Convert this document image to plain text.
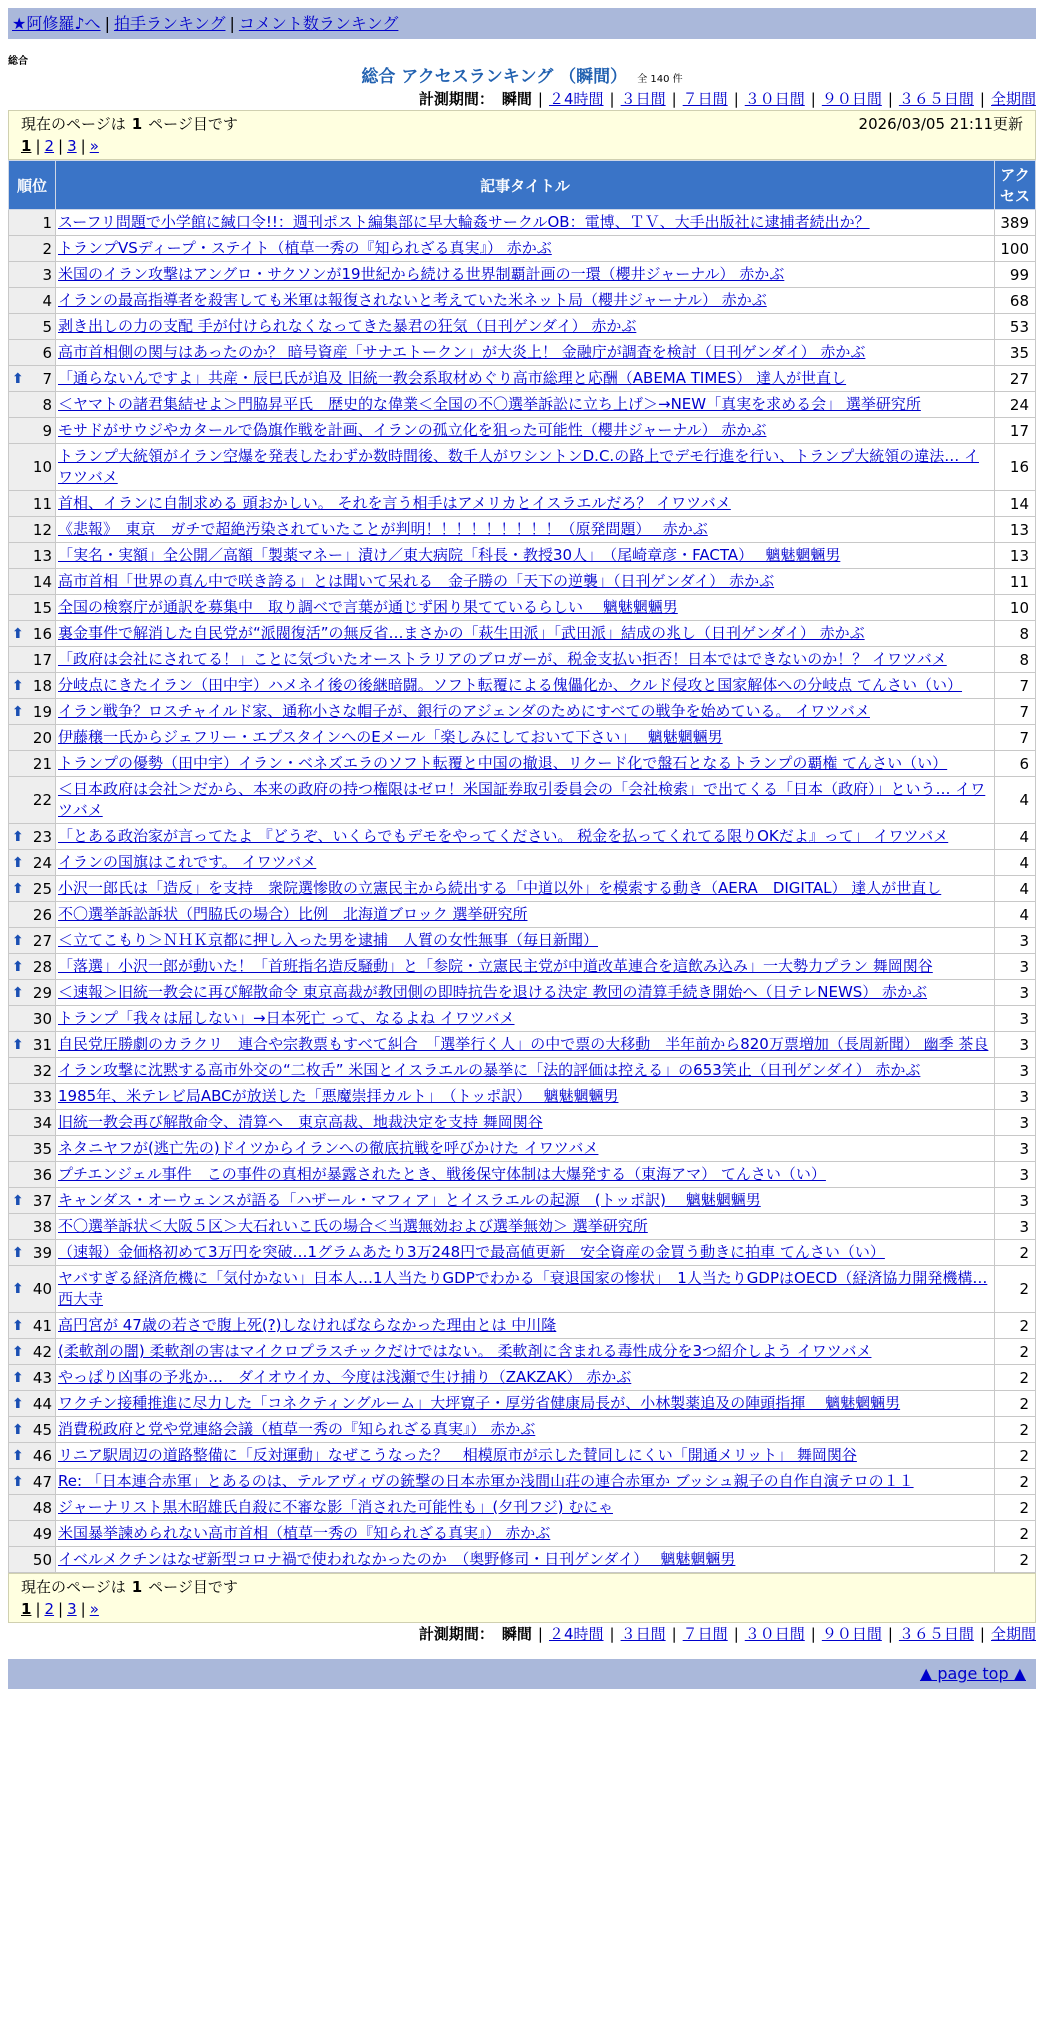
★阿修羅♪へ | 拍手ランキング | コメント数ランキング
総合
総合 アクセスランキング （瞬間） 全 140 件
計測期間： 瞬間 | ２4時間 | ３日間 | ７日間 | ３０日間 | ９０日間 | ３６５日間 | 全期間
現在のページは 1 ページ目です	2026/03/05 21:11更新
1 | 2 | 3 | »
順位	記事タイトル	アクセス
1	スーフリ問題で小学館に緘口令!!：週刊ポスト編集部に早大輪姦サークルOB：電博、ＴＶ、大手出版社に逮捕者続出か？	389
2	トランプVSディープ・ステイト（植草一秀の『知られざる真実』） 赤かぶ	100
3	米国のイラン攻撃はアングロ・サクソンが19世紀から続ける世界制覇計画の一環（櫻井ジャーナル） 赤かぶ	99
4	イランの最高指導者を殺害しても米軍は報復されないと考えていた米ネット局（櫻井ジャーナル） 赤かぶ	68
5	剥き出しの力の支配 手が付けられなくなってきた暴君の狂気（日刊ゲンダイ） 赤かぶ	53
6	高市首相側の関与はあったのか？ 暗号資産「サナエトークン」が大炎上！ 金融庁が調査を検討（日刊ゲンダイ） 赤かぶ	35

⬆ 7	「通らないんですよ」共産・辰巳氏が追及 旧統一教会系取材めぐり高市総理と応酬（ABEMA TIMES） 達人が世直し	27
8	＜ヤマトの諸君集結せよ＞門脇昇平氏　歴史的な偉業＜全国の不〇選挙訴訟に立ち上げ＞→NEW「真実を求める会」 選挙研究所	24
9	モサドがサウジやカタールで偽旗作戦を計画、イランの孤立化を狙った可能性（櫻井ジャーナル） 赤かぶ	17
10	トランプ大統領がイラン空爆を発表したわずか数時間後、数千人がワシントンD.C.の路上でデモ行進を行い、トランプ大統領の違法… イワツバメ	16
11	首相、イランに自制求める 頭おかしい。 それを言う相手はアメリカとイスラエルだろ？ イワツバメ	14
12	《悲報》　東京　ガチで超絶汚染されていたことが判明！！！！！！！！！（原発問題）　 赤かぶ	13
13	「実名・実額」全公開／高額「製薬マネー」漬け／東大病院「科長・教授30人」　（尾崎章彦・FACTA）　 魑魅魍魎男	13
14	高市首相「世界の真ん中で咲き誇る」とは聞いて呆れる　金子勝の「天下の逆襲」（日刊ゲンダイ） 赤かぶ	11
15	全国の検察庁が通訳を募集中　取り調べで言葉が通じず困り果てているらしい　 魑魅魍魎男	10

⬆ 16	裏金事件で解消した自民党が“派閥復活”の無反省…まさかの「萩生田派」「武田派」結成の兆し（日刊ゲンダイ） 赤かぶ	8
17	「政府は会社にされてる！」ことに気づいたオーストラリアのブロガーが、税金支払い拒否！日本ではできないのか！？ イワツバメ	8

⬆ 18	分岐点にきたイラン（田中宇）ハメネイ後の後継暗闘。ソフト転覆による傀儡化か、クルド侵攻と国家解体への分岐点 てんさい（い）	7

⬆ 19	イラン戦争？ロスチャイルド家、通称小さな帽子が、銀行のアジェンダのためにすべての戦争を始めている。 イワツバメ	7
20	伊藤穣一氏からジェフリー・エプスタインへのEメール「楽しみにしておいて下さい」　 魑魅魍魎男	7
21	トランプの優勢（田中宇）イラン・ベネズエラのソフト転覆と中国の撤退、リクード化で盤石となるトランプの覇権 てんさい（い）	6
22	＜日本政府は会社＞だから、本来の政府の持つ権限はゼロ！米国証券取引委員会の「会社検索」で出てくる「日本（政府）」という… イワツバメ	4

⬆ 23	「とある政治家が言ってたよ 『どうぞ、いくらでもデモをやってください。 税金を払ってくれてる限りOKだよ』って」 イワツバメ	4

⬆ 24	イランの国旗はこれです。 イワツバメ	4

⬆ 25	小沢一郎氏は「造反」を支持　衆院選惨敗の立憲民主から続出する「中道以外」を模索する動き（AERA　DIGITAL） 達人が世直し	4
26	不〇選挙訴訟訴状（門脇氏の場合）比例　北海道ブロック 選挙研究所	4

⬆ 27	＜立てこもり＞ＮＨＫ京都に押し入った男を逮捕　人質の女性無事（毎日新聞）	3

⬆ 28	「落選」小沢一郎が動いた！「首班指名造反騒動」と「参院・立憲民主党が中道改革連合を這飲み込み」一大勢力プラン 舞岡関谷	3

⬆ 29	＜速報＞旧統一教会に再び解散命令 東京高裁が教団側の即時抗告を退ける決定 教団の清算手続き開始へ（日テレNEWS） 赤かぶ	3
30	トランプ「我々は屈しない」→日本死亡 って、なるよね イワツバメ	3

⬆ 31	自民党圧勝劇のカラクリ　連合や宗教票もすべて糾合　「選挙行く人」の中で票の大移動　半年前から820万票増加（長周新聞） 幽季 茶良	3
32	イラン攻撃に沈黙する高市外交の“二枚舌” 米国とイスラエルの暴挙に「法的評価は控える」の653笑止（日刊ゲンダイ） 赤かぶ	3
33	1985年、米テレビ局ABCが放送した「悪魔崇拝カルト」　（トッポ訳）　 魑魅魍魎男	3
34	旧統一教会再び解散命令、清算へ　東京高裁、地裁決定を支持 舞岡関谷	3
35	ネタニヤフが(逃亡先の)ドイツからイランへの徹底抗戦を呼びかけた イワツバメ	3
36	プチエンジェル事件　この事件の真相が暴露されたとき、戦後保守体制は大爆発する（東海アマ） てんさい（い）	3

⬆ 37	キャンダス・オーウェンスが語る「ハザール・マフィア」とイスラエルの起源　(トッポ訳)　 魑魅魍魎男	3
38	不〇選挙訴状＜大阪５区＞大石れいこ氏の場合＜当選無効および選挙無効＞ 選挙研究所	3

⬆ 39	（速報）金価格初めて3万円を突破…1グラムあたり3万248円で最高値更新　安全資産の金買う動きに拍車 てんさい（い）	2

⬆ 40	ヤバすぎる経済危機に「気付かない」日本人…1人当たりGDPでわかる「衰退国家の惨状」　1人当たりGDPはOECD（経済協力開発機構… 西大寺	2

⬆ 41	高円宮が 47歳の若さで腹上死(?)しなければならなかった理由とは 中川隆	2

⬆ 42	(柔軟剤の闇) 柔軟剤の害はマイクロプラスチックだけではない。 柔軟剤に含まれる毒性成分を3つ紹介しよう イワツバメ	2

⬆ 43	やっぱり凶事の予兆か…　ダイオウイカ、今度は浅瀬で生け捕り（ZAKZAK） 赤かぶ	2

⬆ 44	ワクチン接種推進に尽力した「コネクティングルーム」大坪寛子・厚労省健康局長が、小林製薬追及の陣頭指揮　 魑魅魍魎男	2

⬆ 45	消費税政府と党や党連絡会議（植草一秀の『知られざる真実』） 赤かぶ	2

⬆ 46	リニア駅周辺の道路整備に「反対運動」なぜこうなった？　相模原市が示した賛同しにくい「開通メリット」 舞岡関谷	2

⬆ 47	Re: 「日本連合赤軍」とあるのは、テルアヴィヴの銃撃の日本赤軍か浅間山荘の連合赤軍か ブッシュ親子の自作自演テロの１１	2
48	ジャーナリスト黒木昭雄氏自殺に不審な影「消された可能性も」(夕刊フジ) むにゃ	2
49	米国暴挙諫められない高市首相（植草一秀の『知られざる真実』） 赤かぶ	2
50	イベルメクチンはなぜ新型コロナ禍で使われなかったのか　（奥野修司・日刊ゲンダイ）　 魑魅魍魎男	2
現在のページは 1 ページ目です
1 | 2 | 3 | »
計測期間： 瞬間 | ２4時間 | ３日間 | ７日間 | ３０日間 | ９０日間 | ３６５日間 | 全期間
▲ page top ▲
